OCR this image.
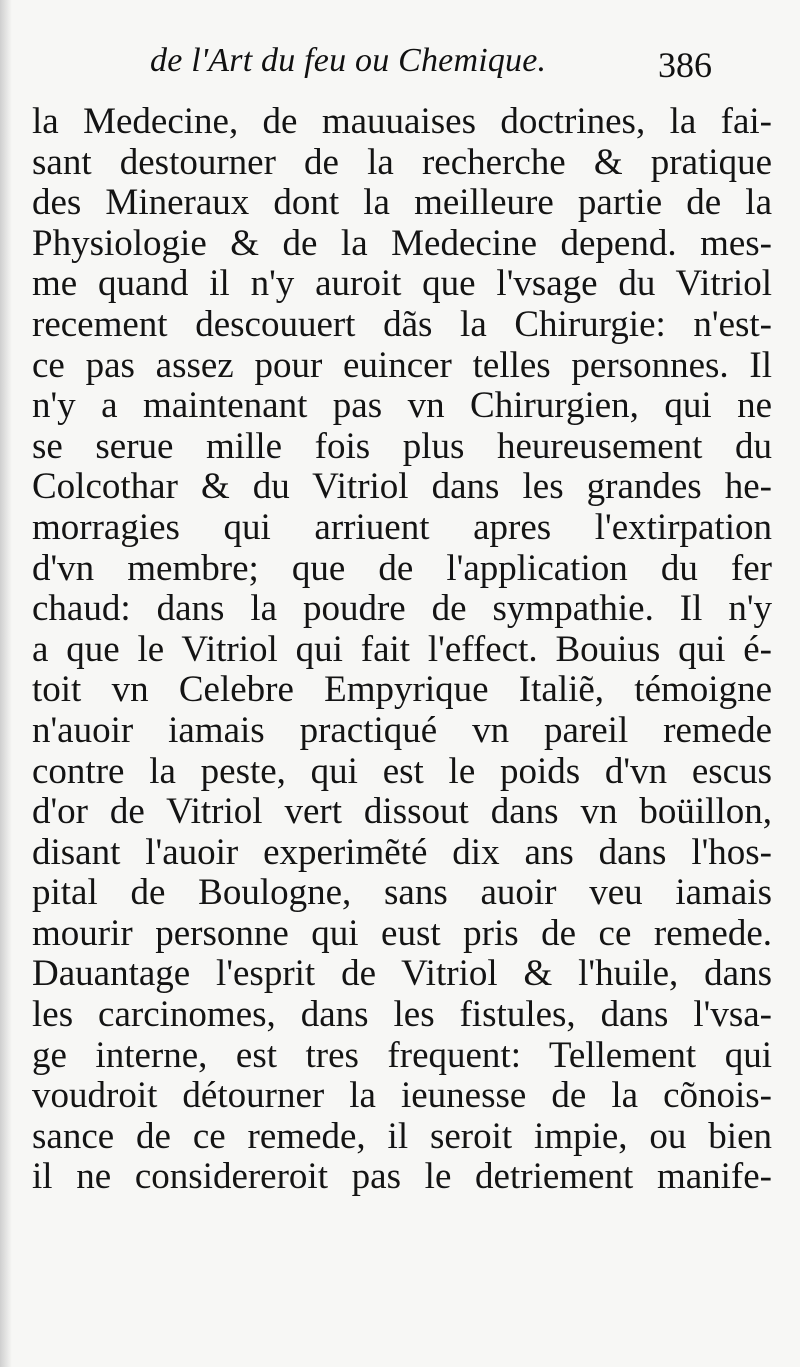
de l'Art du feu ou Chemique.	386
la Medecine, de mauuaises doctrines, la fai-
sant destourner de la recherche & pratique
des Mineraux dont la meilleure partie de la
Physiologie & de la Medecine depend. mes-
me quand il n'y auroit que l'vsage du Vitriol
recement descouuert dãs la Chirurgie: n'est-
ce pas assez pour euincer telles personnes. Il
n'y a maintenant pas vn Chirurgien, qui ne
se serue mille fois plus heureusement du
Colcothar & du Vitriol dans les grandes he-
morragies qui arriuent apres l'extirpation
d'vn membre; que de l'application du fer
chaud: dans la poudre de sympathie. Il n'y
a que le Vitriol qui fait l'effect. Bouius qui é-
toit vn Celebre Empyrique Italiẽ, témoigne
n'auoir iamais practiqué vn pareil remede
contre la peste, qui est le poids d'vn escus
d'or de Vitriol vert dissout dans vn boüillon,
disant l'auoir experimẽté dix ans dans l'hos-
pital de Boulogne, sans auoir veu iamais
mourir personne qui eust pris de ce remede.
Dauantage l'esprit de Vitriol & l'huile, dans
les carcinomes, dans les fistules, dans l'vsa-
ge interne, est tres frequent: Tellement qui
voudroit détourner la ieunesse de la cõnois-
sance de ce remede, il seroit impie, ou bien
il ne considereroit pas le detriement manife-
